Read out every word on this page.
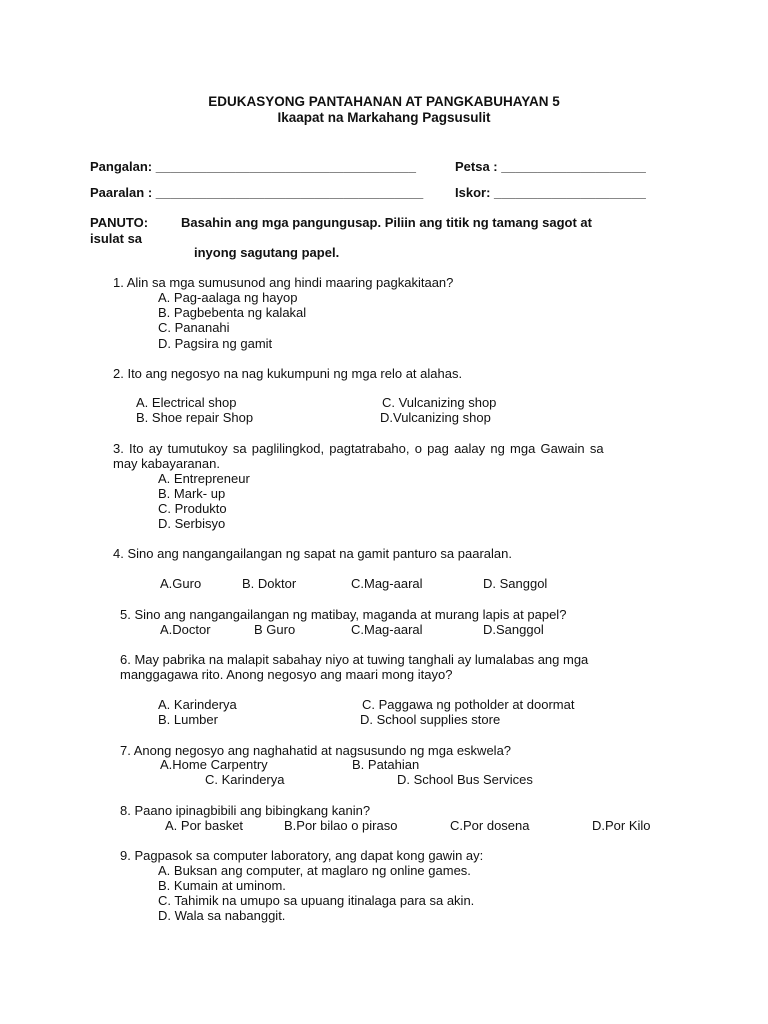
EDUKASYONG PANTAHANAN AT PANGKABUHAYAN 5
Ikaapat na Markahang Pagsusulit
Pangalan: ____________________________________	Petsa : ____________________
Paaralan : _____________________________________ Iskor: _____________________
PANUTO:	Basahin ang mga pangungusap. Piliin ang titik ng tamang sagot at
isulat sa
inyong sagutang papel.
1. Alin sa mga sumusunod ang hindi maaring pagkakitaan?
A. Pag-aalaga ng hayop
B. Pagbebenta ng kalakal
C. Pananahi
D. Pagsira ng gamit
2. Ito ang negosyo na nag kukumpuni ng mga relo at alahas.
A. Electrical shop	C. Vulcanizing shop
B. Shoe repair Shop	D.Vulcanizing shop
3. Ito ay tumutukoy sa paglilingkod, pagtatrabaho, o pag aalay ng mga Gawain sa
may kabayaranan.
A. Entrepreneur
B. Mark- up
C. Produkto
D. Serbisyo
4. Sino ang nangangailangan ng sapat na gamit panturo sa paaralan.
A.Guro	B. Doktor	C.Mag-aaral	D. Sanggol
5. Sino ang nangangailangan ng matibay, maganda at murang lapis at papel?
A.Doctor	B Guro	C.Mag-aaral	D.Sanggol
6. May pabrika na malapit sabahay niyo at tuwing tanghali ay lumalabas ang mga
manggagawa rito. Anong negosyo ang maari mong itayo?
A. Karinderya	C. Paggawa ng potholder at doormat
B. Lumber	D. School supplies store
7. Anong negosyo ang naghahatid at nagsusundo ng mga eskwela?
A.Home Carpentry	B. Patahian
C. Karinderya	D. School Bus Services
8. Paano ipinagbibili ang bibingkang kanin?
A. Por basket	B.Por bilao o piraso	C.Por dosena	D.Por Kilo
9. Pagpasok sa computer laboratory, ang dapat kong gawin ay:
A. Buksan ang computer, at maglaro ng online games.
B. Kumain at uminom.
C. Tahimik na umupo sa upuang itinalaga para sa akin.
D. Wala sa nabanggit.
